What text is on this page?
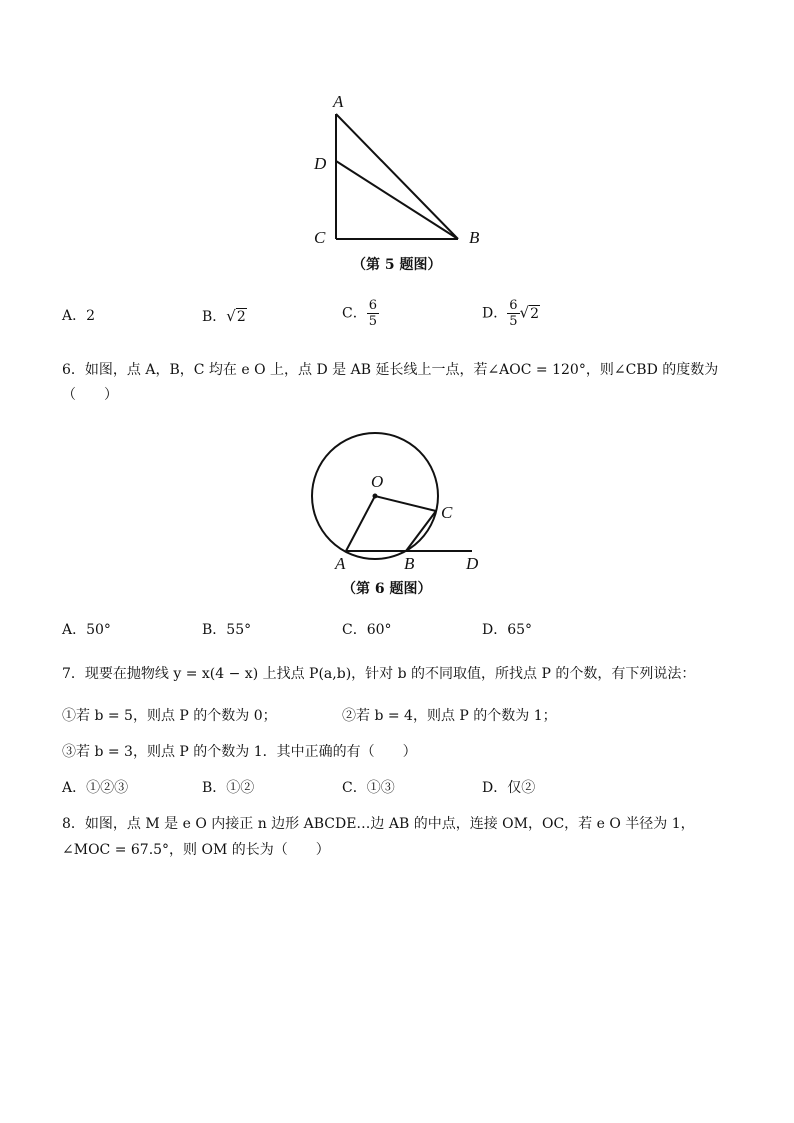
A
D
C	B
（第 5 题图）
A．2	B．√2	C． $\frac{6}{5}$	D． $\frac{6}{5} √2$
6．如图，点 A，B，C 均在 e O 上，点 D 是 AB 延长线上一点，若∠AOC = 120°，则∠CBD 的度数为
（　　）
O
C
A	B	D
（第 6 题图）
A．50°	B．55°	C．60°	D．65°
7．现要在抛物线 y = x(4 − x) 上找点 P(a,b)，针对 b 的不同取值，所找点 P 的个数，有下列说法：
①若 b = 5，则点 P 的个数为 0；	②若 b = 4，则点 P 的个数为 1；
③若 b = 3，则点 P 的个数为 1．其中正确的有（　　）
A．①②③	B．①②	C．①③	D．仅②
8．如图，点 M 是 e O 内接正 n 边形 ABCDE…边 AB 的中点，连接 OM，OC，若 e O 半径为 1，
∠MOC = 67.5°，则 OM 的长为（　　）
